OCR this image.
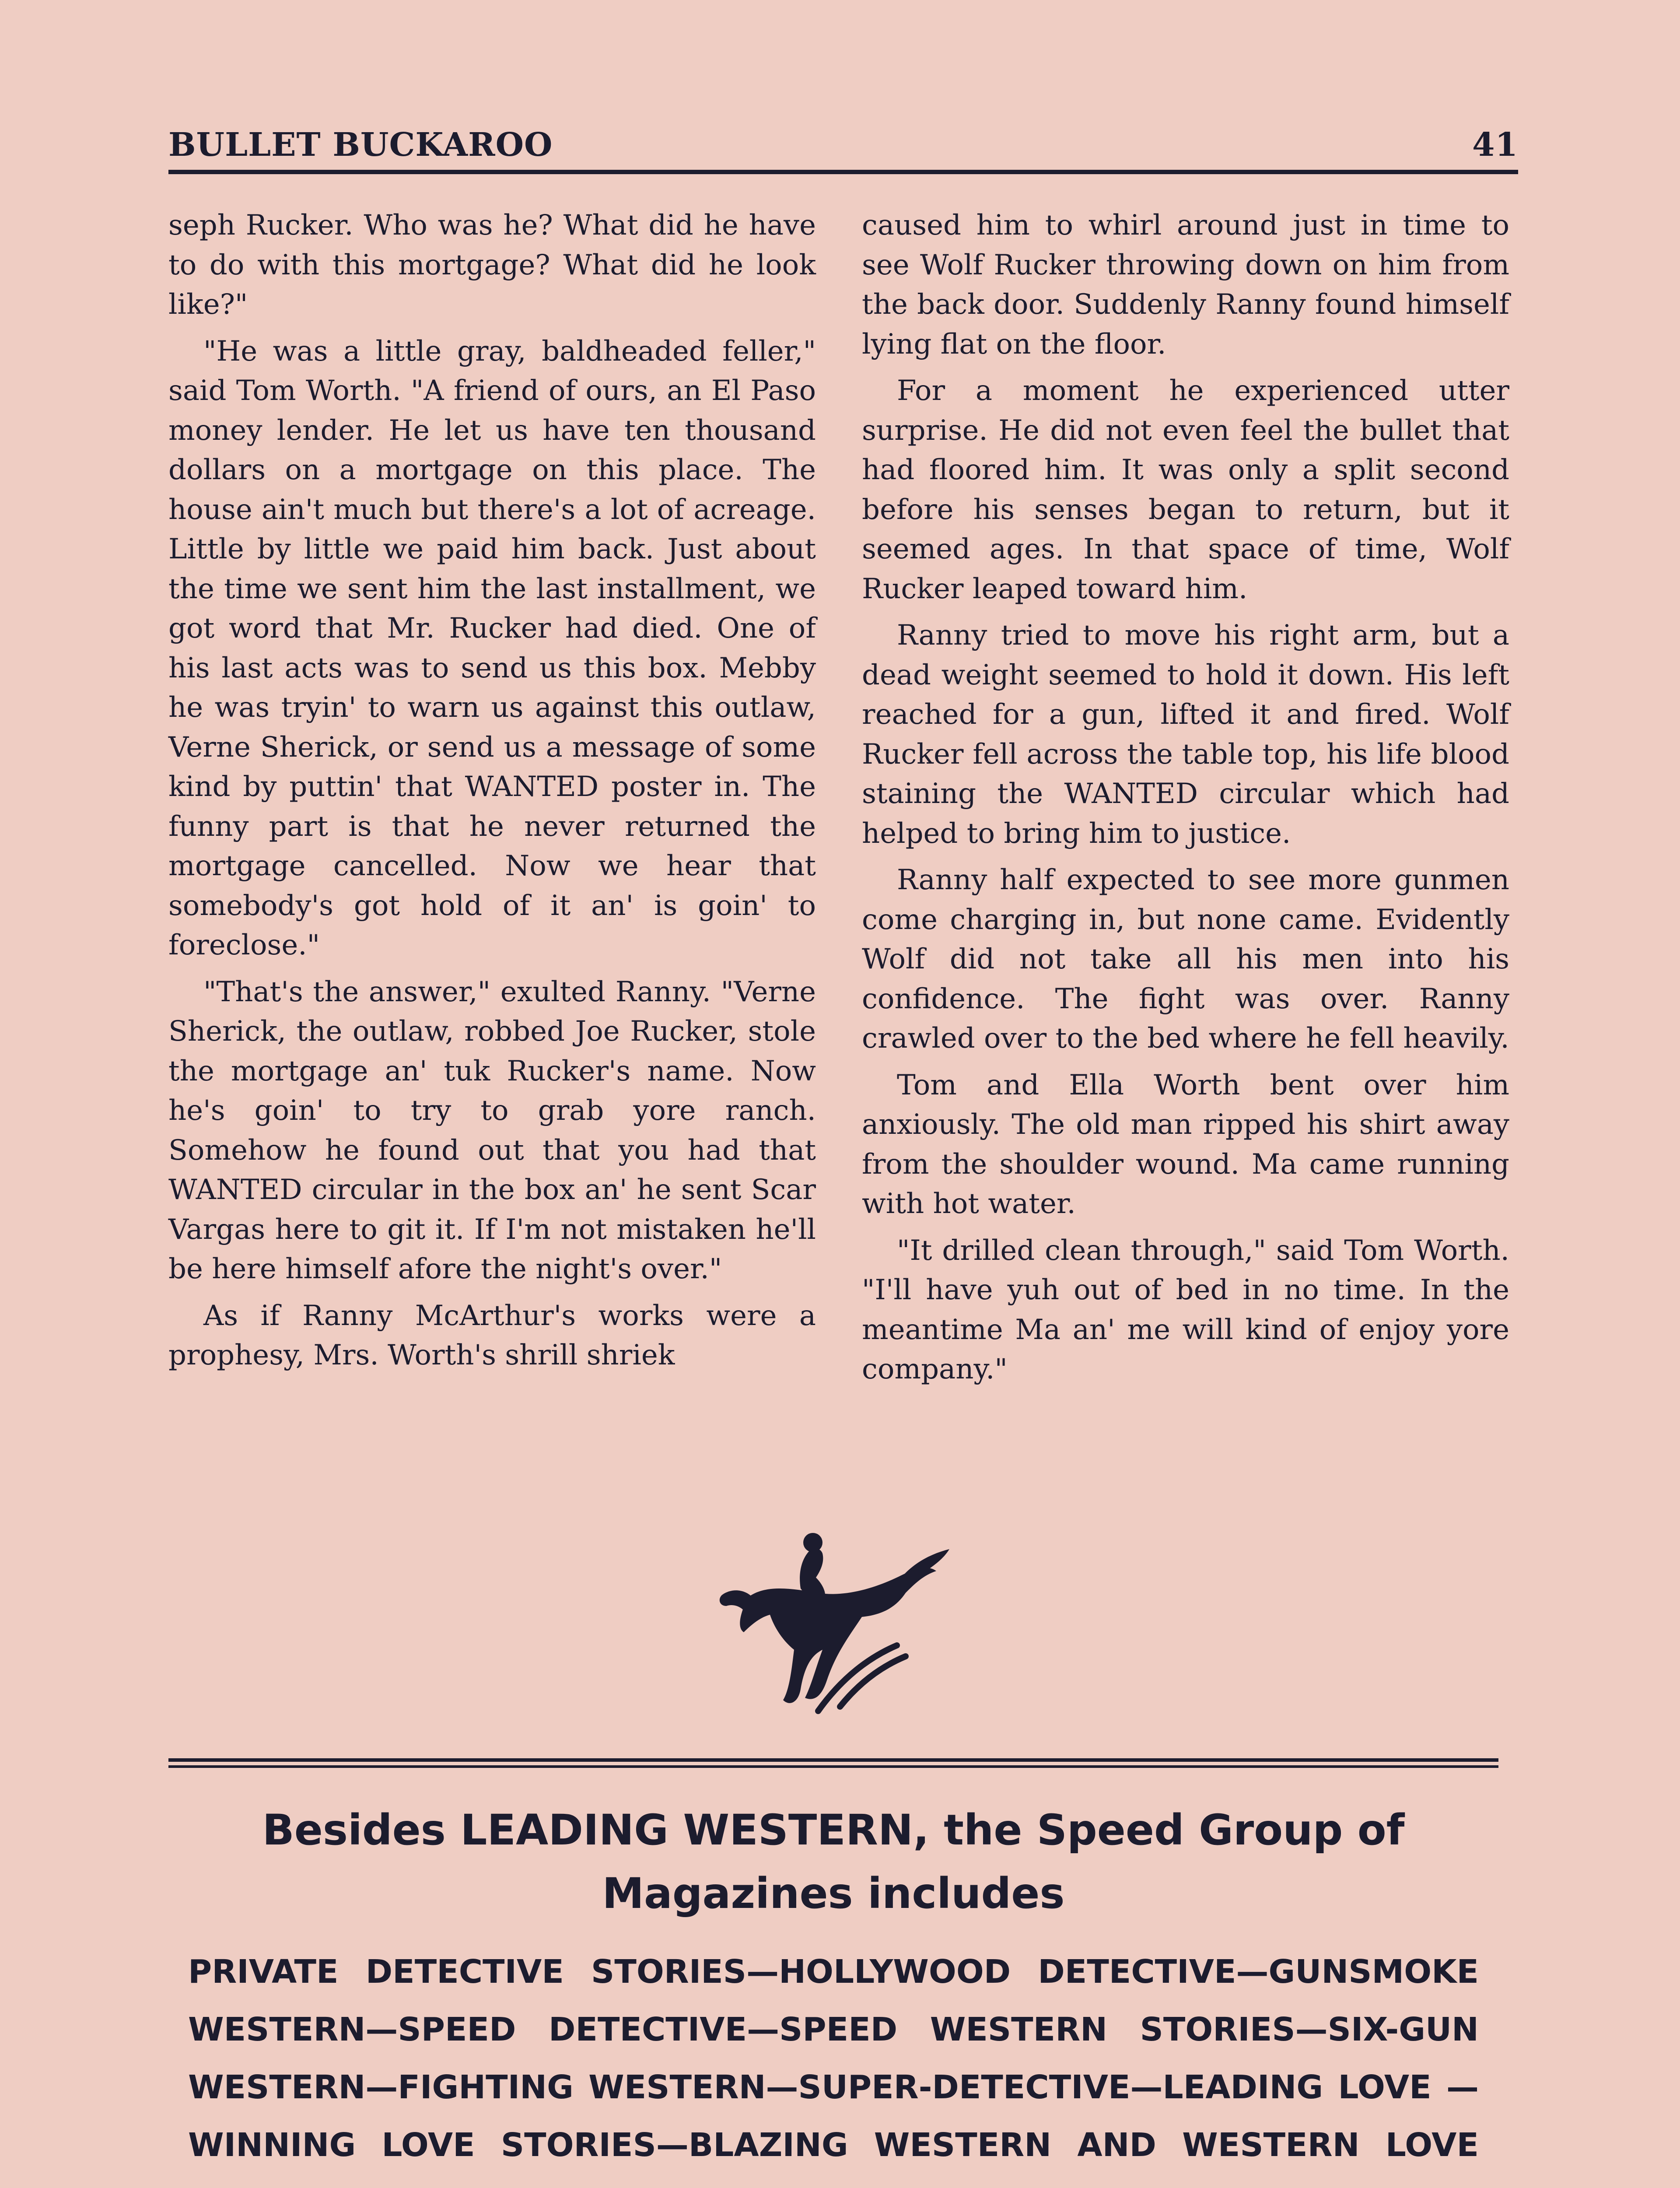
BULLET BUCKAROO	41

seph Rucker. Who was he? What did he have to do with this mortgage? What did he look like?"

"He was a little gray, baldheaded feller," said Tom Worth. "A friend of ours, an El Paso money lender. He let us have ten thousand dollars on a mortgage on this place. The house ain't much but there's a lot of acreage. Little by little we paid him back. Just about the time we sent him the last installment, we got word that Mr. Rucker had died. One of his last acts was to send us this box. Mebby he was tryin' to warn us against this outlaw, Verne Sherick, or send us a message of some kind by puttin' that WANTED poster in. The funny part is that he never returned the mortgage cancelled. Now we hear that somebody's got hold of it an' is goin' to foreclose."

"That's the answer," exulted Ranny. "Verne Sherick, the outlaw, robbed Joe Rucker, stole the mortgage an' tuk Rucker's name. Now he's goin' to try to grab yore ranch. Somehow he found out that you had that WANTED circular in the box an' he sent Scar Vargas here to git it. If I'm not mistaken he'll be here himself afore the night's over."

As if Ranny McArthur's works were a prophesy, Mrs. Worth's shrill shriek

caused him to whirl around just in time to see Wolf Rucker throwing down on him from the back door. Suddenly Ranny found himself lying flat on the floor.

For a moment he experienced utter surprise. He did not even feel the bullet that had floored him. It was only a split second before his senses began to return, but it seemed ages. In that space of time, Wolf Rucker leaped toward him.

Ranny tried to move his right arm, but a dead weight seemed to hold it down. His left reached for a gun, lifted it and fired. Wolf Rucker fell across the table top, his life blood staining the WANTED circular which had helped to bring him to justice.

Ranny half expected to see more gunmen come charging in, but none came. Evidently Wolf did not take all his men into his confidence. The fight was over. Ranny crawled over to the bed where he fell heavily.

Tom and Ella Worth bent over him anxiously. The old man ripped his shirt away from the shoulder wound. Ma came running with hot water.

"It drilled clean through," said Tom Worth. "I'll have yuh out of bed in no time. In the meantime Ma an' me will kind of enjoy yore company."

Besides LEADING WESTERN, the Speed Group of Magazines includes
PRIVATE DETECTIVE STORIES—HOLLYWOOD DETECTIVE—GUNSMOKE WESTERN—SPEED DETECTIVE—SPEED WESTERN STORIES—SIX-GUN WESTERN—FIGHTING WESTERN—SUPER-DETECTIVE—LEADING LOVE —WINNING LOVE STORIES—BLAZING WESTERN AND WESTERN LOVE
